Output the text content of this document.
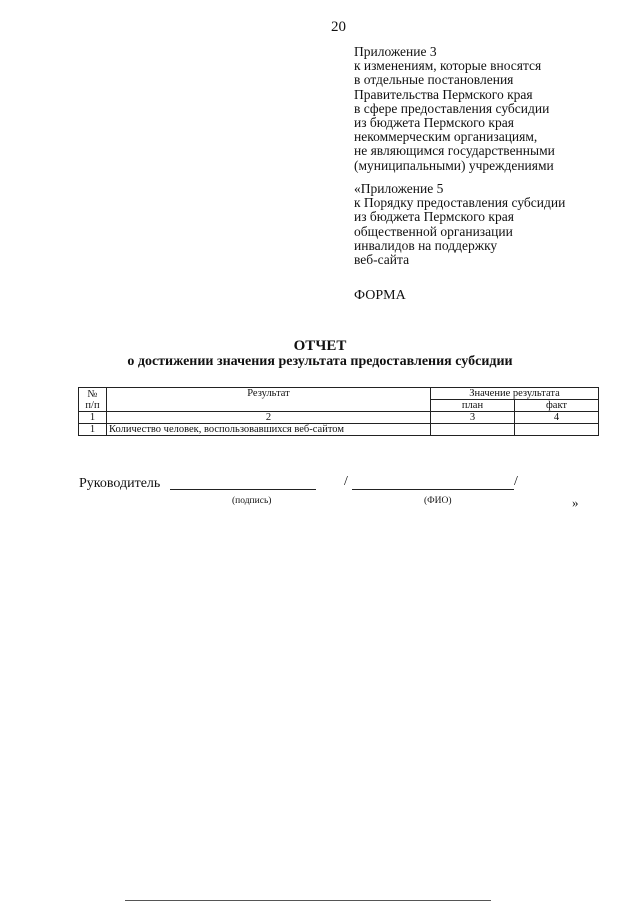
20
Приложение 3
к изменениям, которые вносятся
в отдельные постановления
Правительства Пермского края
в сфере предоставления субсидии
из бюджета Пермского края
некоммерческим организациям,
не являющимся государственными
(муниципальными) учреждениями
«Приложение 5
к Порядку предоставления субсидии
из бюджета Пермского края
общественной организации
инвалидов на поддержку
веб-сайта
ФОРМА
ОТЧЕТ
о достижении значения результата предоставления субсидии
№
п/п	Результат	Значение результата	
		план	факт
1	2	3	4
1	Количество человек, воспользовавшихся веб-сайтом		
Руководитель	/	/
(подпись)	(ФИО)	»
